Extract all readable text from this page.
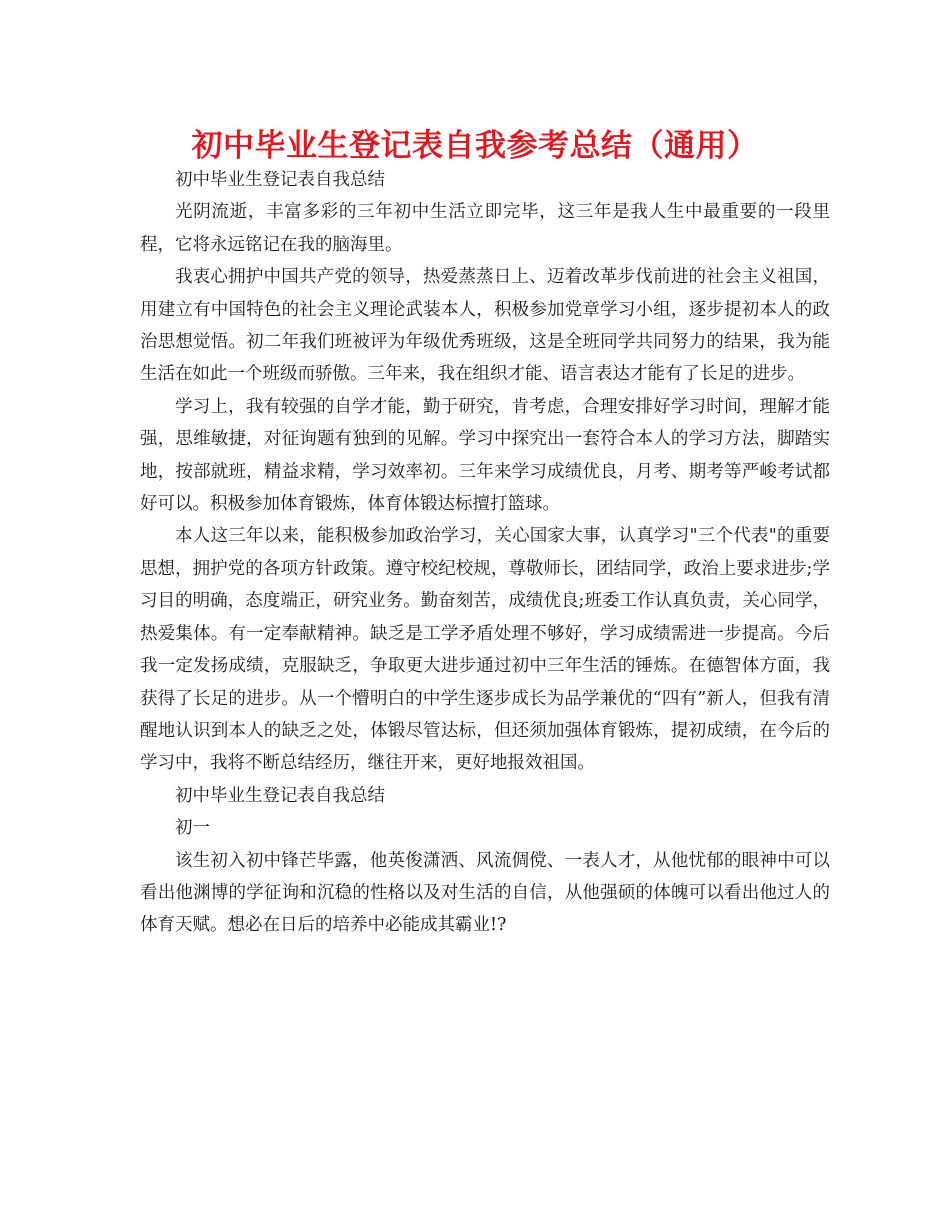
初中毕业生登记表自我参考总结（通用）

初中毕业生登记表自我总结

光阴流逝，丰富多彩的三年初中生活立即完毕，这三年是我人生中最重要的一段里程，它将永远铭记在我的脑海里。

我衷心拥护中国共产党的领导，热爱蒸蒸日上、迈着改革步伐前进的社会主义祖国，用建立有中国特色的社会主义理论武装本人，积极参加党章学习小组，逐步提初本人的政治思想觉悟。初二年我们班被评为年级优秀班级，这是全班同学共同努力的结果，我为能生活在如此一个班级而骄傲。三年来，我在组织才能、语言表达才能有了长足的进步。

学习上，我有较强的自学才能，勤于研究，肯考虑，合理安排好学习时间，理解才能强，思维敏捷，对征询题有独到的见解。学习中探究出一套符合本人的学习方法，脚踏实地，按部就班，精益求精，学习效率初。三年来学习成绩优良，月考、期考等严峻考试都好可以。积极参加体育锻炼，体育体锻达标擅打篮球。

本人这三年以来，能积极参加政治学习，关心国家大事，认真学习"三个代表"的重要思想，拥护党的各项方针政策。遵守校纪校规，尊敬师长，团结同学，政治上要求进步;学习目的明确，态度端正，研究业务。勤奋刻苦，成绩优良;班委工作认真负责，关心同学，热爱集体。有一定奉献精神。缺乏是工学矛盾处理不够好，学习成绩需进一步提高。今后我一定发扬成绩，克服缺乏，争取更大进步通过初中三年生活的锤炼。在德智体方面，我获得了长足的进步。从一个懵明白的中学生逐步成长为品学兼优的“四有”新人，但我有清醒地认识到本人的缺乏之处，体锻尽管达标，但还须加强体育锻炼，提初成绩，在今后的学习中，我将不断总结经历，继往开来，更好地报效祖国。

初中毕业生登记表自我总结

初一

该生初入初中锋芒毕露，他英俊潇洒、风流倜傥、一表人才，从他忧郁的眼神中可以看出他渊博的学征询和沉稳的性格以及对生活的自信，从他强硕的体魄可以看出他过人的体育天赋。想必在日后的培养中必能成其霸业!?
